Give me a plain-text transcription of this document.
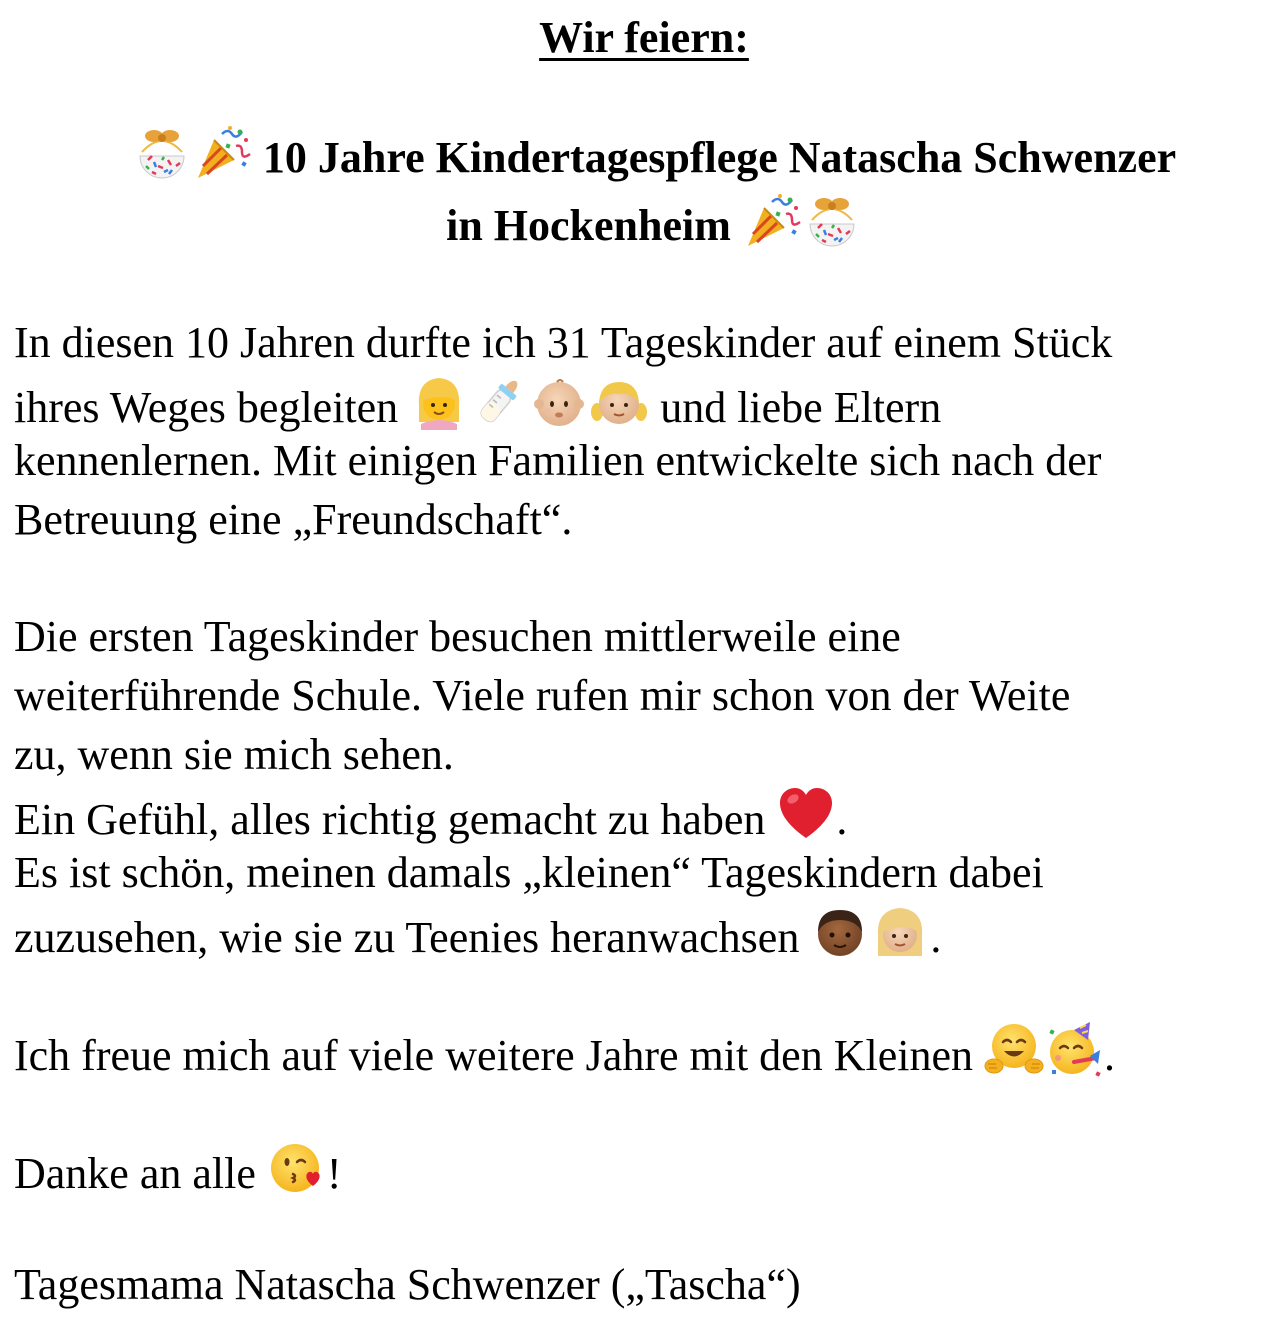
Wir feiern:
10 Jahre Kindertagespflege Natascha Schwenzer
in Hockenheim
In diesen 10 Jahren durfte ich 31 Tageskinder auf einem Stück
ihres Weges begleiten	und liebe Eltern
kennenlernen. Mit einigen Familien entwickelte sich nach der
Betreuung eine „Freundschaft“.
Die ersten Tageskinder besuchen mittlerweile eine
weiterführende Schule. Viele rufen mir schon von der Weite
zu, wenn sie mich sehen.
Ein Gefühl, alles richtig gemacht zu haben .
Es ist schön, meinen damals „kleinen“ Tageskindern dabei
zuzusehen, wie sie zu Teenies heranwachsen	.
Ich freue mich auf viele weitere Jahre mit den Kleinen	.
Danke an alle !
Tagesmama Natascha Schwenzer („Tascha“)
